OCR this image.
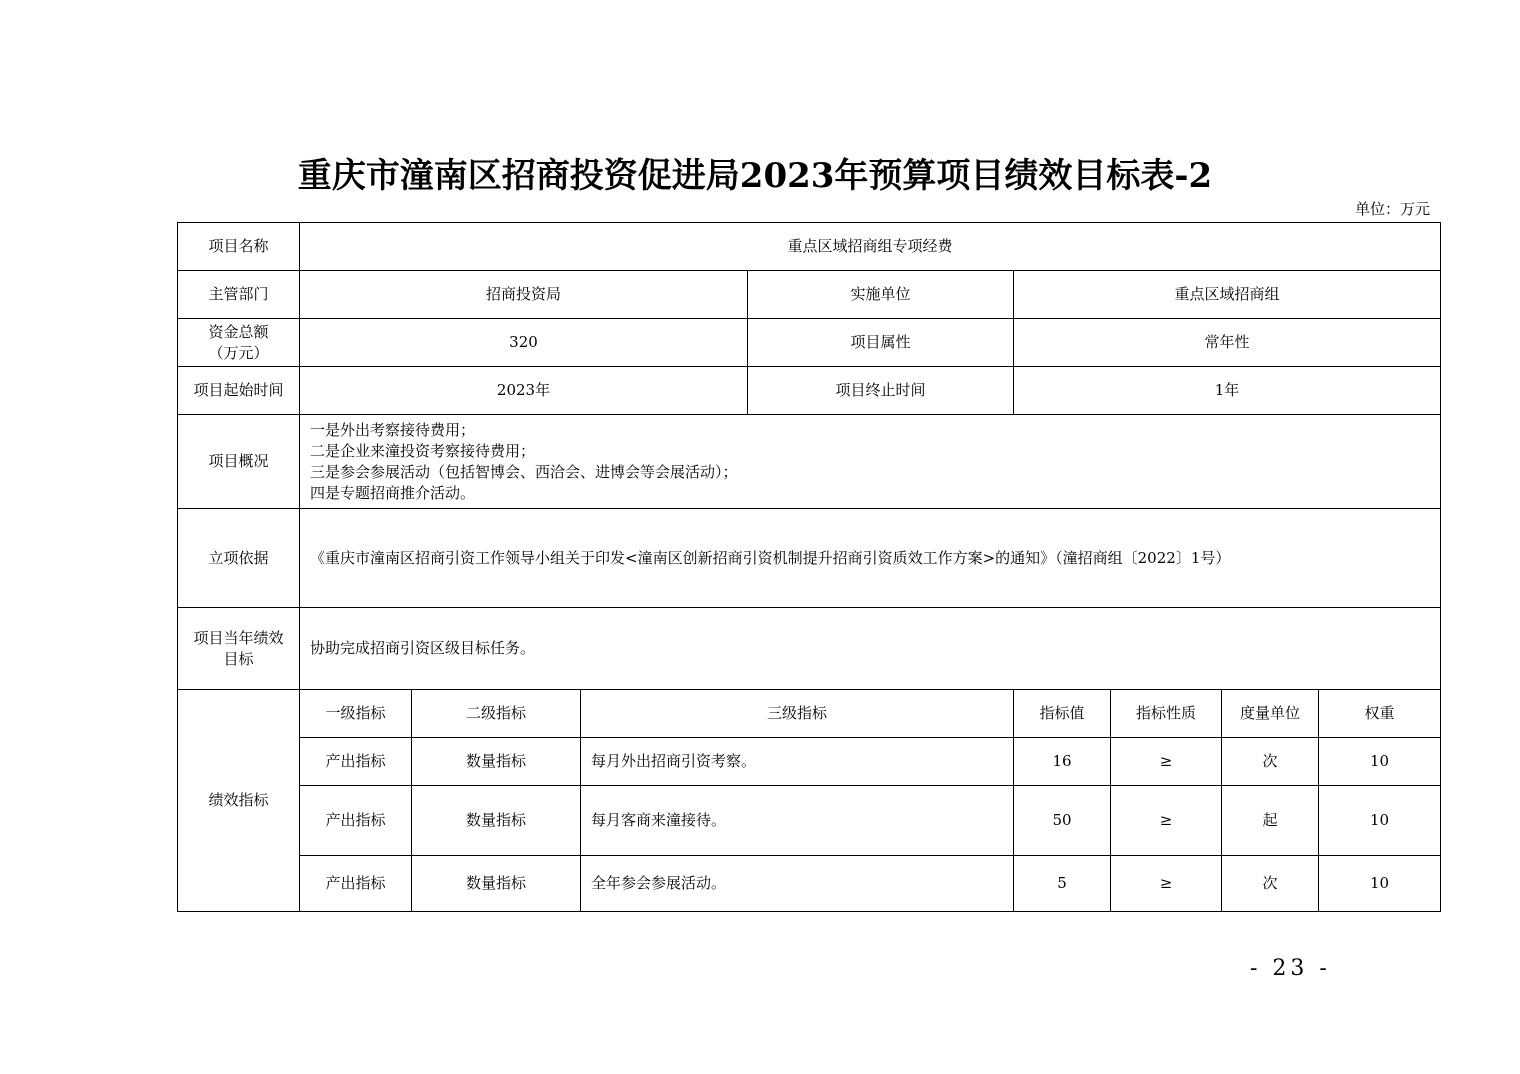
重庆市潼南区招商投资促进局2023年预算项目绩效目标表-2
单位：万元
项目名称	重点区域招商组专项经费							
主管部门	招商投资局			实施单位	重点区域招商组			

资金总额
（万元）	320			项目属性	常年性			
项目起始时间	2023年			项目终止时间	1年			
项目概况	一是外出考察接待费用；
二是企业来潼投资考察接待费用；
三是参会参展活动（包括智博会、西洽会、进博会等会展活动）；
四是专题招商推介活动。							

立项依据	《重庆市潼南区招商引资工作领导小组关于印发<潼南区创新招商引资机制提升招商引资质效工作方案>的通知》（潼招商组〔2022〕1号）							

项目当年绩效
目标	协助完成招商引资区级目标任务。							
绩效指标	一级指标	二级指标	三级指标		指标值	指标性质	度量单位	权重
	产出指标	数量指标	每月外出招商引资考察。		16	≥	次	10
	产出指标	数量指标	每月客商来潼接待。		50	≥	起	10
	产出指标	数量指标	全年参会参展活动。		5	≥	次	10
- 23 -
